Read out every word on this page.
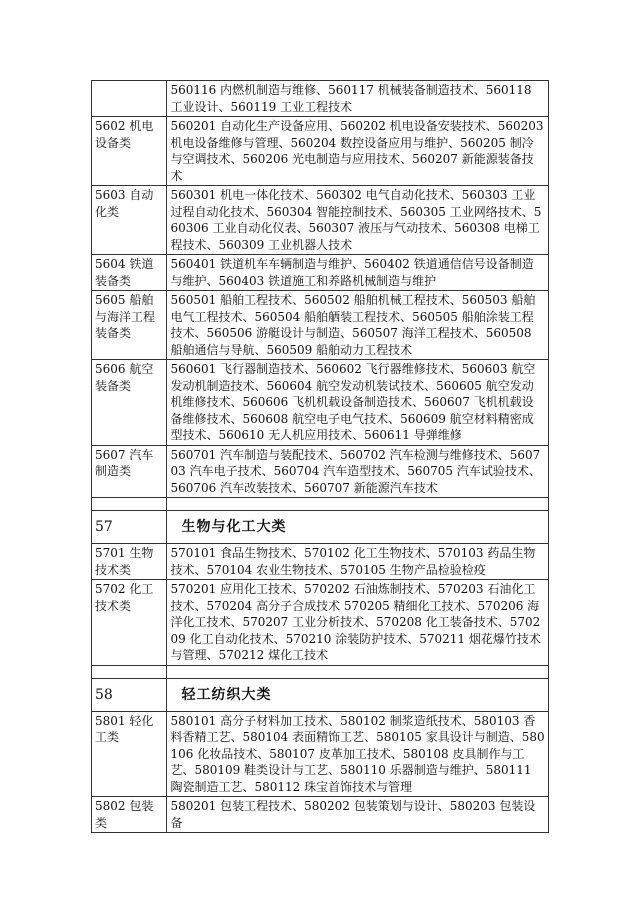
	560116 内燃机制造与维修、560117 机械装备制造技术、560118 工业设计、560119 工业工程技术
5602 机电设备类	560201 自动化生产设备应用、560202 机电设备安装技术、560203 机电设备维修与管理、560204 数控设备应用与维护、560205 制冷与空调技术、560206 光电制造与应用技术、560207 新能源装备技术
5603 自动化类	560301 机电一体化技术、560302 电气自动化技术、560303 工业过程自动化技术、560304 智能控制技术、560305 工业网络技术、560306 工业自动化仪表、560307 液压与气动技术、560308 电梯工程技术、560309 工业机器人技术
5604 铁道装备类	560401 铁道机车车辆制造与维护、560402 铁道通信信号设备制造与维护、560403 铁道施工和养路机械制造与维护
5605 船舶与海洋工程装备类	560501 船舶工程技术、560502 船舶机械工程技术、560503 船舶电气工程技术、560504 船舶舾装工程技术、560505 船舶涂装工程技术、560506 游艇设计与制造、560507 海洋工程技术、560508 船舶通信与导航、560509 船舶动力工程技术
5606 航空装备类	560601 飞行器制造技术、560602 飞行器维修技术、560603 航空发动机制造技术、560604 航空发动机装试技术、560605 航空发动机维修技术、560606 飞机机载设备制造技术、560607 飞机机载设备维修技术、560608 航空电子电气技术、560609 航空材料精密成型技术、560610 无人机应用技术、560611 导弹维修
5607 汽车制造类	560701 汽车制造与装配技术、560702 汽车检测与维修技术、560703 汽车电子技术、560704 汽车造型技术、560705 汽车试验技术、560706 汽车改装技术、560707 新能源汽车技术

57	生物与化工大类
5701 生物技术类	570101 食品生物技术、570102 化工生物技术、570103 药品生物技术、570104 农业生物技术、570105 生物产品检验检疫
5702 化工技术类	570201 应用化工技术、570202 石油炼制技术、570203 石油化工技术、570204 高分子合成技术 570205 精细化工技术、570206 海洋化工技术、570207 工业分析技术、570208 化工装备技术、570209 化工自动化技术、570210 涂装防护技术、570211 烟花爆竹技术与管理、570212 煤化工技术

58	轻工纺织大类
5801 轻化工类	580101 高分子材料加工技术、580102 制浆造纸技术、580103 香料香精工艺、580104 表面精饰工艺、580105 家具设计与制造、580106 化妆品技术、580107 皮革加工技术、580108 皮具制作与工艺、580109 鞋类设计与工艺、580110 乐器制造与维护、580111 陶瓷制造工艺、580112 珠宝首饰技术与管理
5802 包装类	580201 包装工程技术、580202 包装策划与设计、580203 包装设备
